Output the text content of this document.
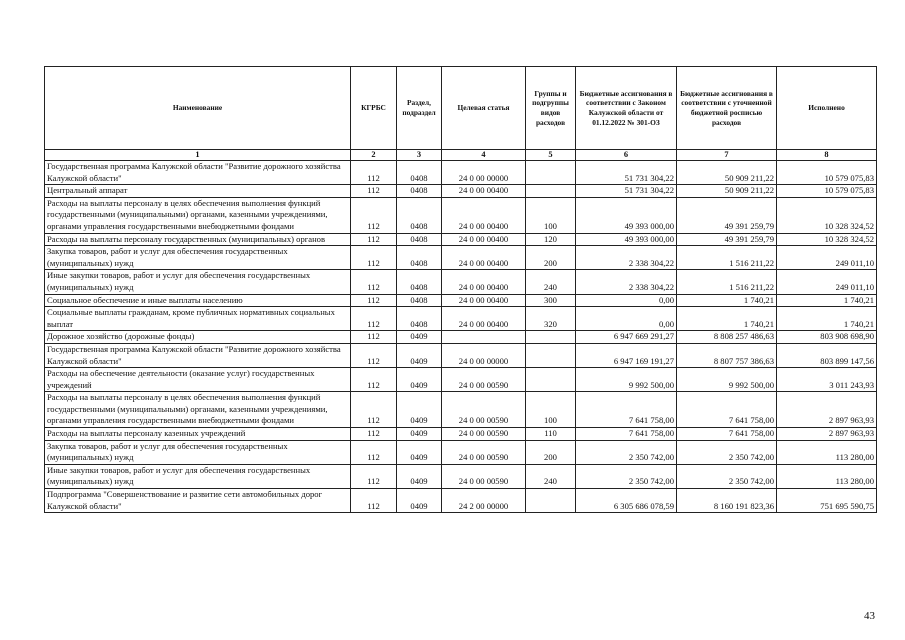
Наименование	КГРБС	Раздел, подраздел	Целевая статья	Группы и подгруппы видов расходов	Бюджетные ассигнования в соответствии с Законом Калужской области от 01.12.2022 № 301-ОЗ	Бюджетные ассигнования в соответствии с уточненной бюджетной росписью расходов	Исполнено
1	2	3	4	5	6	7	8
Государственная программа Калужской области "Развитие дорожного хозяйства Калужской области"	112	0408	24 0 00 00000		51 731 304,22	50 909 211,22	10 579 075,83
Центральный аппарат	112	0408	24 0 00 00400		51 731 304,22	50 909 211,22	10 579 075,83
Расходы на выплаты персоналу в целях обеспечения выполнения функций государственными (муниципальными) органами, казенными учреждениями, органами управления государственными внебюджетными фондами	112	0408	24 0 00 00400	100	49 393 000,00	49 391 259,79	10 328 324,52
Расходы на выплаты персоналу государственных (муниципальных) органов	112	0408	24 0 00 00400	120	49 393 000,00	49 391 259,79	10 328 324,52
Закупка товаров, работ и услуг для обеспечения государственных (муниципальных) нужд	112	0408	24 0 00 00400	200	2 338 304,22	1 516 211,22	249 011,10
Иные закупки товаров, работ и услуг для обеспечения государственных (муниципальных) нужд	112	0408	24 0 00 00400	240	2 338 304,22	1 516 211,22	249 011,10
Социальное обеспечение и иные выплаты населению	112	0408	24 0 00 00400	300	0,00	1 740,21	1 740,21
Социальные выплаты гражданам, кроме публичных нормативных социальных выплат	112	0408	24 0 00 00400	320	0,00	1 740,21	1 740,21
Дорожное хозяйство (дорожные фонды)	112	0409			6 947 669 291,27	8 808 257 486,63	803 908 698,90
Государственная программа Калужской области "Развитие дорожного хозяйства Калужской области"	112	0409	24 0 00 00000		6 947 169 191,27	8 807 757 386,63	803 899 147,56
Расходы на обеспечение деятельности (оказание услуг) государственных учреждений	112	0409	24 0 00 00590		9 992 500,00	9 992 500,00	3 011 243,93
Расходы на выплаты персоналу в целях обеспечения выполнения функций государственными (муниципальными) органами, казенными учреждениями, органами управления государственными внебюджетными фондами	112	0409	24 0 00 00590	100	7 641 758,00	7 641 758,00	2 897 963,93
Расходы на выплаты персоналу казенных учреждений	112	0409	24 0 00 00590	110	7 641 758,00	7 641 758,00	2 897 963,93
Закупка товаров, работ и услуг для обеспечения государственных (муниципальных) нужд	112	0409	24 0 00 00590	200	2 350 742,00	2 350 742,00	113 280,00
Иные закупки товаров, работ и услуг для обеспечения государственных (муниципальных) нужд	112	0409	24 0 00 00590	240	2 350 742,00	2 350 742,00	113 280,00
Подпрограмма "Совершенствование и развитие сети автомобильных дорог Калужской области"	112	0409	24 2 00 00000		6 305 686 078,59	8 160 191 823,36	751 695 590,75
43
